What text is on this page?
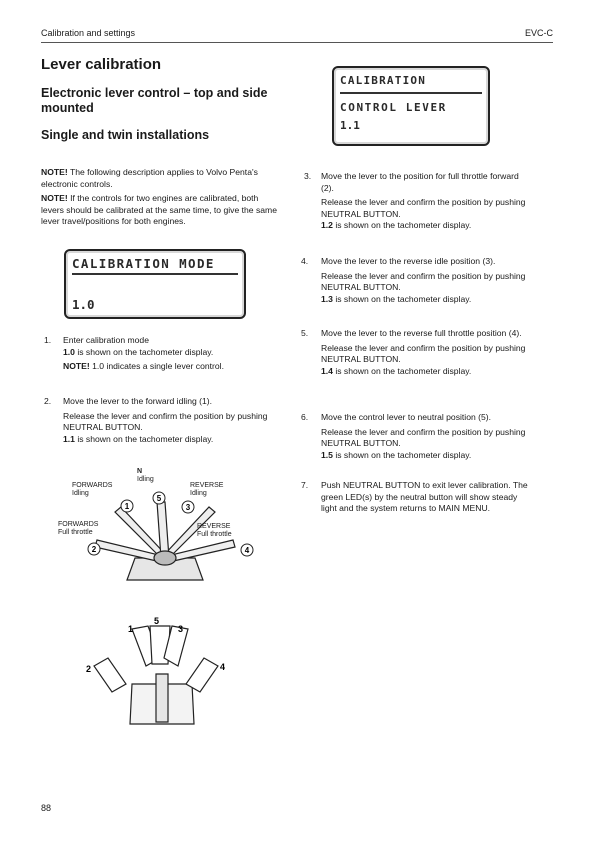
Calibration and settings	EVC-C
Lever calibration
Electronic lever control – top and side mounted
Single and twin installations
NOTE! The following description applies to Volvo Penta's electronic controls.
NOTE! If the controls for two engines are calibrated, both levers should be calibrated at the same time, to give the same lever travel/positions for both engines.
CALIBRATION MODE
1.0
CALIBRATION
CONTROL LEVER
1.1
1.	Enter calibration mode

1.0 is shown on the tachometer display.

NOTE! 1.0 indicates a single lever control.

2.	Move the lever to the forward idling (1).

Release the lever and confirm the position by pushing NEUTRAL BUTTON.

1.1 is shown on the tachometer display.

3.	Move the lever to the position for full throttle forward (2).

Release the lever and confirm the position by pushing NEUTRAL BUTTON.

1.2 is shown on the tachometer display.

4.	Move the lever to the reverse idle position (3).

Release the lever and confirm the position by pushing NEUTRAL BUTTON.

1.3 is shown on the tachometer display.

5.	Move the lever to the reverse full throttle position (4).

Release the lever and confirm the position by pushing NEUTRAL BUTTON.

1.4 is shown on the tachometer display.

6.	Move the control lever to neutral position (5).

Release the lever and confirm the position by pushing NEUTRAL BUTTON.

1.5 is shown on the tachometer display.

7.	Push NEUTRAL BUTTON to exit lever calibration. The green LED(s) by the neutral button will show steady light and the system returns to MAIN MENU.

1
2
3
4
5
N
Idling
FORWARDS
Idling
REVERSE
Idling
FORWARDS
Full throttle
REVERSE
Full throttle
1
2
3
4
5
88
